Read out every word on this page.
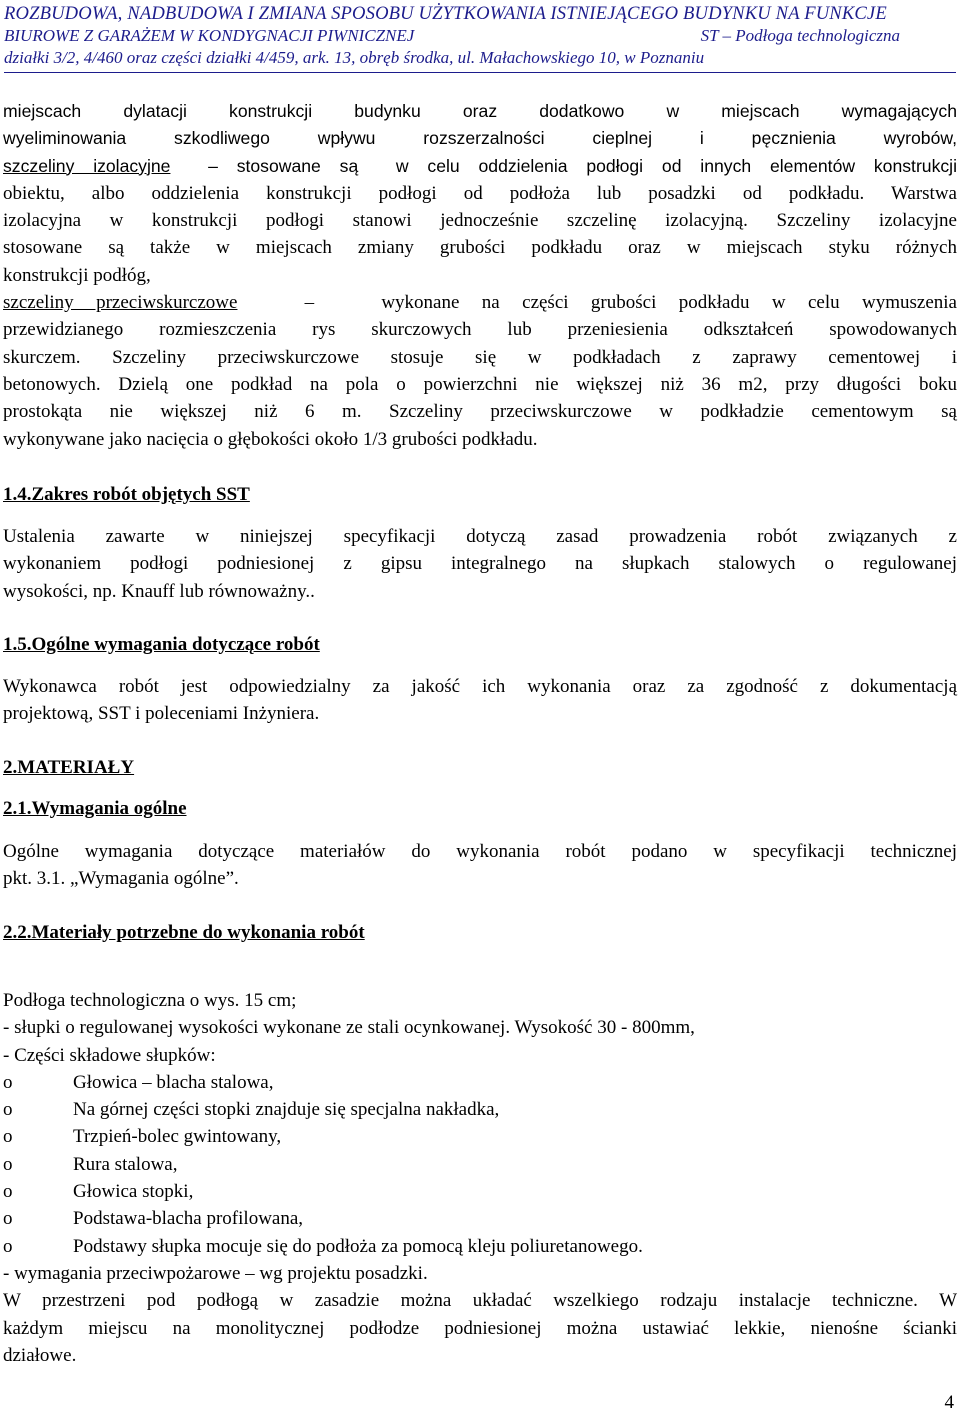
ROZBUDOWA, NADBUDOWA I ZMIANA SPOSOBU UŻYTKOWANIA ISTNIEJĄCEGO BUDYNKU NA FUNKCJE
BIUROWE Z GARAŻEM W KONDYGNACJI PIWNICZNEJ	ST – Podłoga technologiczna
działki 3/2, 4/460 oraz części działki 4/459, ark. 13, obręb środka, ul. Małachowskiego 10, w Poznaniu
miejscach dylatacji konstrukcji budynku oraz dodatkowo w miejscach wymagających
wyeliminowania szkodliwego wpływu rozszerzalności cieplnej i pęcznienia wyrobów,
szczeliny izolacyjne – stosowane są w celu oddzielenia podłogi od innych elementów konstrukcji
obiektu, albo oddzielenia konstrukcji podłogi od podłoża lub posadzki od podkładu. Warstwa
izolacyjna w konstrukcji podłogi stanowi jednocześnie szczelinę izolacyjną. Szczeliny izolacyjne
stosowane są także w miejscach zmiany grubości podkładu oraz w miejscach styku różnych
konstrukcji podłóg,
szczeliny przeciwskurczowe	–	wykonane na części grubości podkładu w celu wymuszenia
przewidzianego rozmieszczenia rys skurczowych lub przeniesienia odkształceń spowodowanych
skurczem. Szczeliny przeciwskurczowe stosuje się w podkładach z zaprawy cementowej i
betonowych. Dzielą one podkład na pola o powierzchni nie większej niż 36 m2, przy długości boku
prostokąta nie większej niż 6 m. Szczeliny przeciwskurczowe w podkładzie cementowym są
wykonywane jako nacięcia o głębokości około 1/3 grubości podkładu.
1.4.Zakres robót objętych SST
Ustalenia zawarte w niniejszej specyfikacji dotyczą zasad prowadzenia robót związanych z
wykonaniem podłogi podniesionej z gipsu integralnego na słupkach stalowych o regulowanej
wysokości, np. Knauff lub równoważny..
1.5.Ogólne wymagania dotyczące robót
Wykonawca robót jest odpowiedzialny za jakość ich wykonania oraz za zgodność z dokumentacją
projektową, SST i poleceniami Inżyniera.
2.MATERIAŁY
2.1.Wymagania ogólne
Ogólne wymagania dotyczące materiałów do wykonania robót podano w specyfikacji technicznej
pkt. 3.1. „Wymagania ogólne”.
2.2.Materiały potrzebne do wykonania robót
Podłoga technologiczna o wys. 15 cm;
- słupki o regulowanej wysokości wykonane ze stali ocynkowanej. Wysokość 30 - 800mm,
- Części składowe słupków:
o	Głowica – blacha stalowa,
o	Na górnej części stopki znajduje się specjalna nakładka,
o	Trzpień-bolec gwintowany,
o	Rura stalowa,
o	Głowica stopki,
o	Podstawa-blacha profilowana,
o	Podstawy słupka mocuje się do podłoża za pomocą kleju poliuretanowego.
- wymagania przeciwpożarowe – wg projektu posadzki.
W przestrzeni pod podłogą w zasadzie można układać wszelkiego rodzaju instalacje techniczne. W
każdym miejscu na monolitycznej podłodze podniesionej można ustawiać lekkie, nienośne ścianki
działowe.
4
